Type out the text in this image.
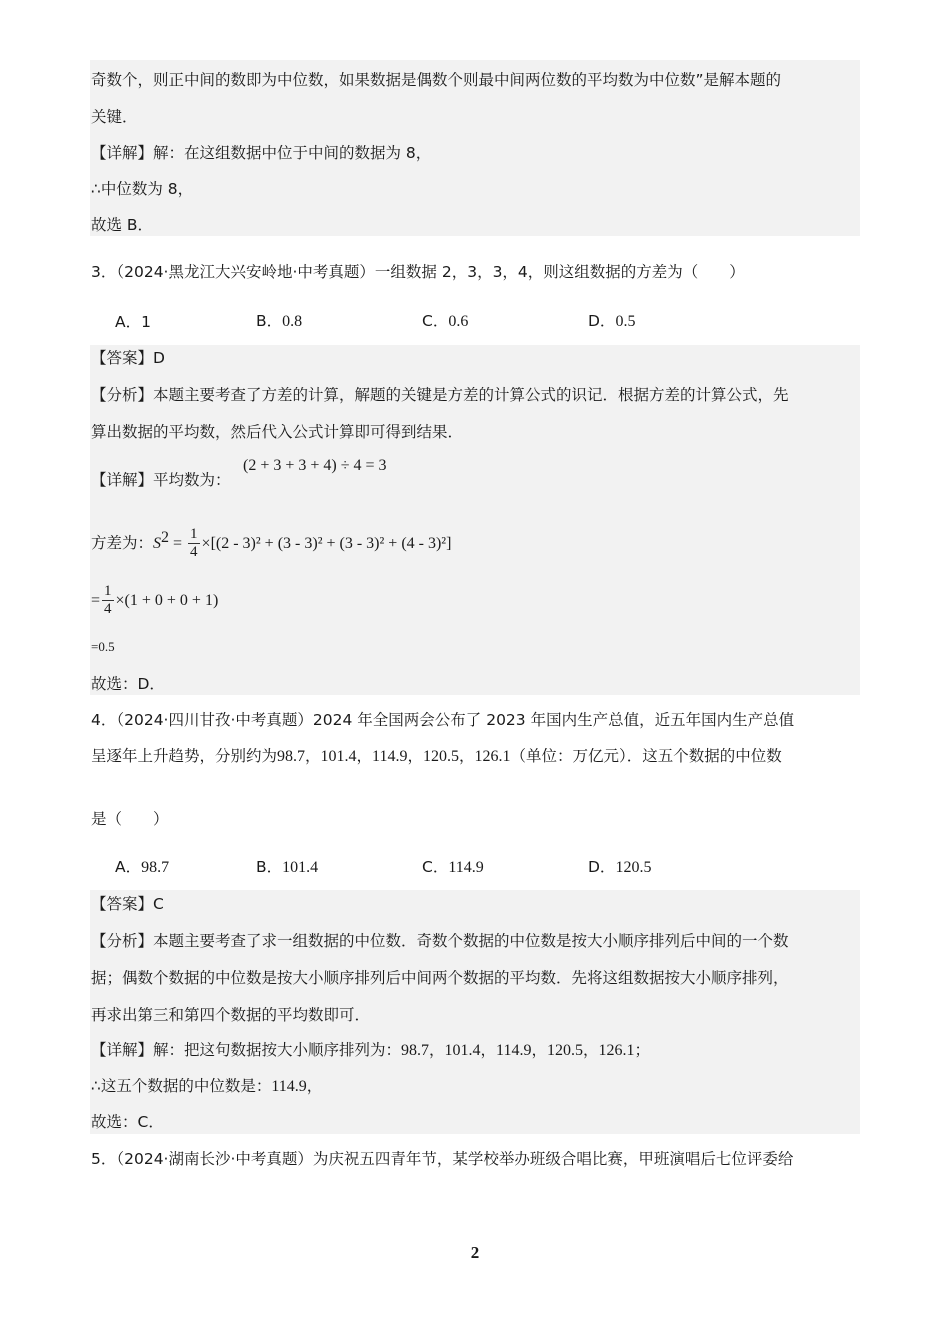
奇数个，则正中间的数即为中位数，如果数据是偶数个则最中间两位数的平均数为中位数”是解本题的
关键．
【详解】解：在这组数据中位于中间的数据为 8，
∴中位数为 8，
故选 B．
3．（2024·黑龙江大兴安岭地·中考真题）一组数据 2，3，3，4，则这组数据的方差为（　　）
A．1	B．0.8	C．0.6	D．0.5
【答案】D
【分析】本题主要考查了方差的计算，解题的关键是方差的计算公式的识记．根据方差的计算公式，先
算出数据的平均数，然后代入公式计算即可得到结果．
【详解】平均数为：
(2 + 3 + 3 + 4) ÷ 4 = 3
方差为：$S^2 = \frac{1}{4} \times[(2 - 3)^2 + (3 - 3)^2 + (3 - 3)^2 + (4 - 3)^2]$
= $\frac{1}{4} \times(1 + 0 + 0 + 1)$
=0.5
故选：D．
4．（2024·四川甘孜·中考真题）2024 年全国两会公布了 2023 年国内生产总值，近五年国内生产总值
呈逐年上升趋势，分别约为98.7，101.4，114.9，120.5，126.1（单位：万亿元）．这五个数据的中位数
是（　　）
A．98.7	B．101.4	C．114.9	D．120.5
【答案】C
【分析】本题主要考查了求一组数据的中位数．奇数个数据的中位数是按大小顺序排列后中间的一个数
据；偶数个数据的中位数是按大小顺序排列后中间两个数据的平均数．先将这组数据按大小顺序排列，
再求出第三和第四个数据的平均数即可．
【详解】解：把这句数据按大小顺序排列为：98.7，101.4，114.9，120.5，126.1；
∴这五个数据的中位数是：114.9，
故选：C．
5．（2024·湖南长沙·中考真题）为庆祝五四青年节，某学校举办班级合唱比赛，甲班演唱后七位评委给
2
